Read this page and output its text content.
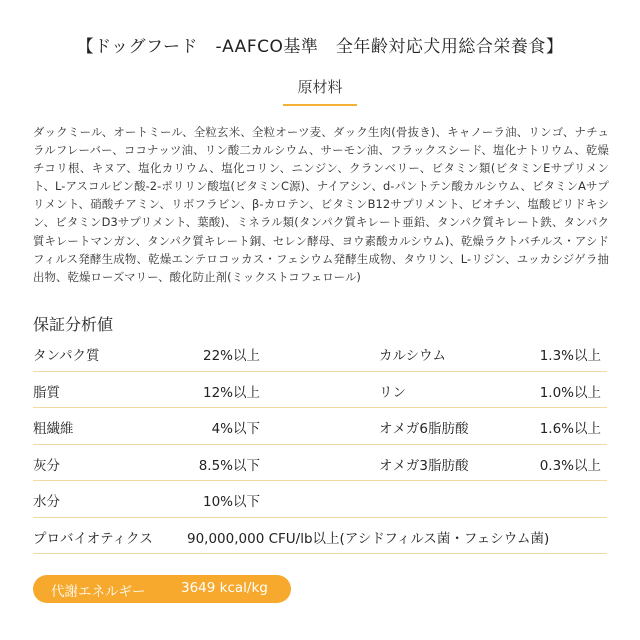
【ドッグフード　-AAFCO基準　全年齢対応犬用総合栄養食】
原材料

ダックミール、オートミール、全粒玄米、全粒オーツ麦、ダック生肉(骨抜き)、キャノーラ油、リンゴ、ナチュラルフレーバー、ココナッツ油、リン酸二カルシウム、サーモン油、フラックスシード、塩化ナトリウム、乾燥チコリ根、キヌア、塩化カリウム、塩化コリン、ニンジン、クランベリー、ビタミン類(ビタミンEサプリメント、L-アスコルビン酸-2-ポリリン酸塩(ビタミンC源)、ナイアシン、d-パントテン酸カルシウム、ビタミンAサプリメント、硝酸チアミン、リボフラビン、β-カロテン、ビタミンB12サプリメント、ビオチン、塩酸ピリドキシン、ビタミンD3サプリメント、葉酸)、ミネラル類(タンパク質キレート亜鉛、タンパク質キレート鉄、タンパク質キレートマンガン、タンパク質キレート銅、セレン酵母、ヨウ素酸カルシウム)、乾燥ラクトバチルス・アシドフィルス発酵生成物、乾燥エンテロコッカス・フェシウム発酵生成物、タウリン、L-リジン、ユッカシジゲラ抽出物、乾燥ローズマリー、酸化防止剤(ミックストコフェロール)

保証分析値
タンパク質	22%以上	カルシウム	1.3%以上
脂質	12%以上	リン	1.0%以上
粗繊維	4%以下	オメガ6脂肪酸	1.6%以上
灰分	8.5%以下	オメガ3脂肪酸	0.3%以上
水分	10%以下
プロバイオティクス	90,000,000 CFU/lb以上(アシドフィルス菌・フェシウム菌)
代謝エネルギー	3649 kcal/kg
